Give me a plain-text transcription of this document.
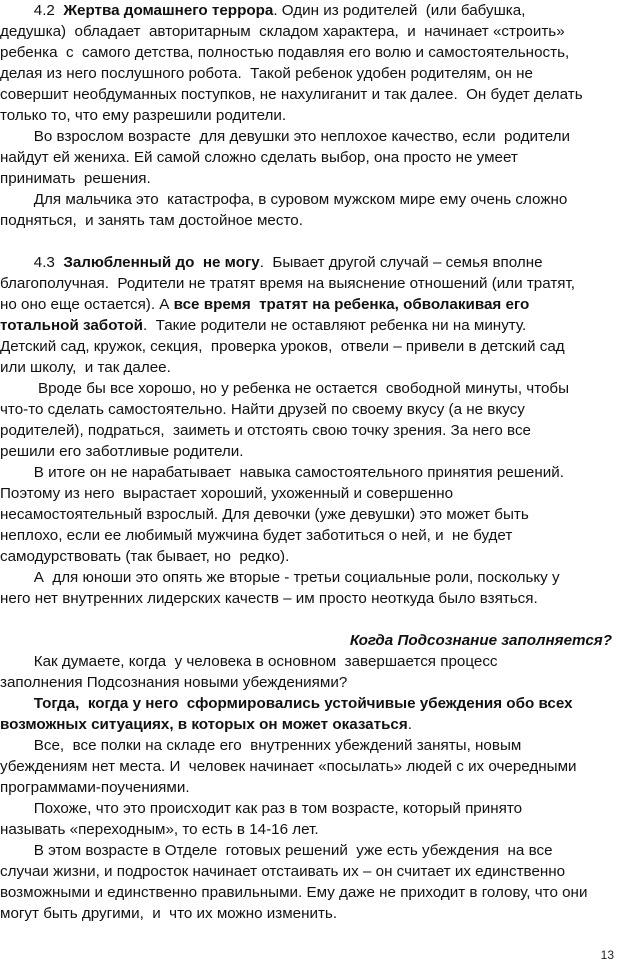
4.2  Жертва домашнего террора. Один из родителей  (или бабушка,
дедушка)  обладает  авторитарным  складом характера,  и  начинает «строить»
ребенка  с  самого детства, полностью подавляя его волю и самостоятельность,
делая из него послушного робота.  Такой ребенок удобен родителям, он не
совершит необдуманных поступков, не нахулиганит и так далее.  Он будет делать
только то, что ему разрешили родители.
Во взрослом возрасте  для девушки это неплохое качество, если  родители
найдут ей жениха. Ей самой сложно сделать выбор, она просто не умеет
принимать  решения.
Для мальчика это  катастрофа, в суровом мужском мире ему очень сложно
подняться,  и занять там достойное место.
4.3  Залюбленный до  не могу.  Бывает другой случай – семья вполне
благополучная.  Родители не тратят время на выяснение отношений (или тратят,
но оно еще остается). А все время  тратят на ребенка, обволакивая его
тотальной заботой.  Такие родители не оставляют ребенка ни на минуту.
Детский сад, кружок, секция,  проверка уроков,  отвели – привели в детский сад
или школу,  и так далее.
Вроде бы все хорошо, но у ребенка не остается  свободной минуты, чтобы
что-то сделать самостоятельно. Найти друзей по своему вкусу (а не вкусу
родителей), подраться,  заиметь и отстоять свою точку зрения. За него все
решили его заботливые родители.
В итоге он не нарабатывает  навыка самостоятельного принятия решений.
Поэтому из него  вырастает хороший, ухоженный и совершенно
несамостоятельный взрослый. Для девочки (уже девушки) это может быть
неплохо, если ее любимый мужчина будет заботиться о ней, и  не будет
самодурствовать (так бывает, но  редко).
А  для юноши это опять же вторые - третьи социальные роли, поскольку у
него нет внутренних лидерских качеств – им просто неоткуда было взяться.
Когда Подсознание заполняется?
Как думаете, когда  у человека в основном  завершается процесс
заполнения Подсознания новыми убеждениями?
Тогда,  когда у него  сформировались устойчивые убеждения обо всех
возможных ситуациях, в которых он может оказаться.
Все,  все полки на складе его  внутренних убеждений заняты, новым
убеждениям нет места. И  человек начинает «посылать» людей с их очередными
программами-поучениями.
Похоже, что это происходит как раз в том возрасте, который принято
называть «переходным», то есть в 14-16 лет.
В этом возрасте в Отделе  готовых решений  уже есть убеждения  на все
случаи жизни, и подросток начинает отстаивать их – он считает их единственно
возможными и единственно правильными. Ему даже не приходит в голову, что они
могут быть другими,  и  что их можно изменить.
13
